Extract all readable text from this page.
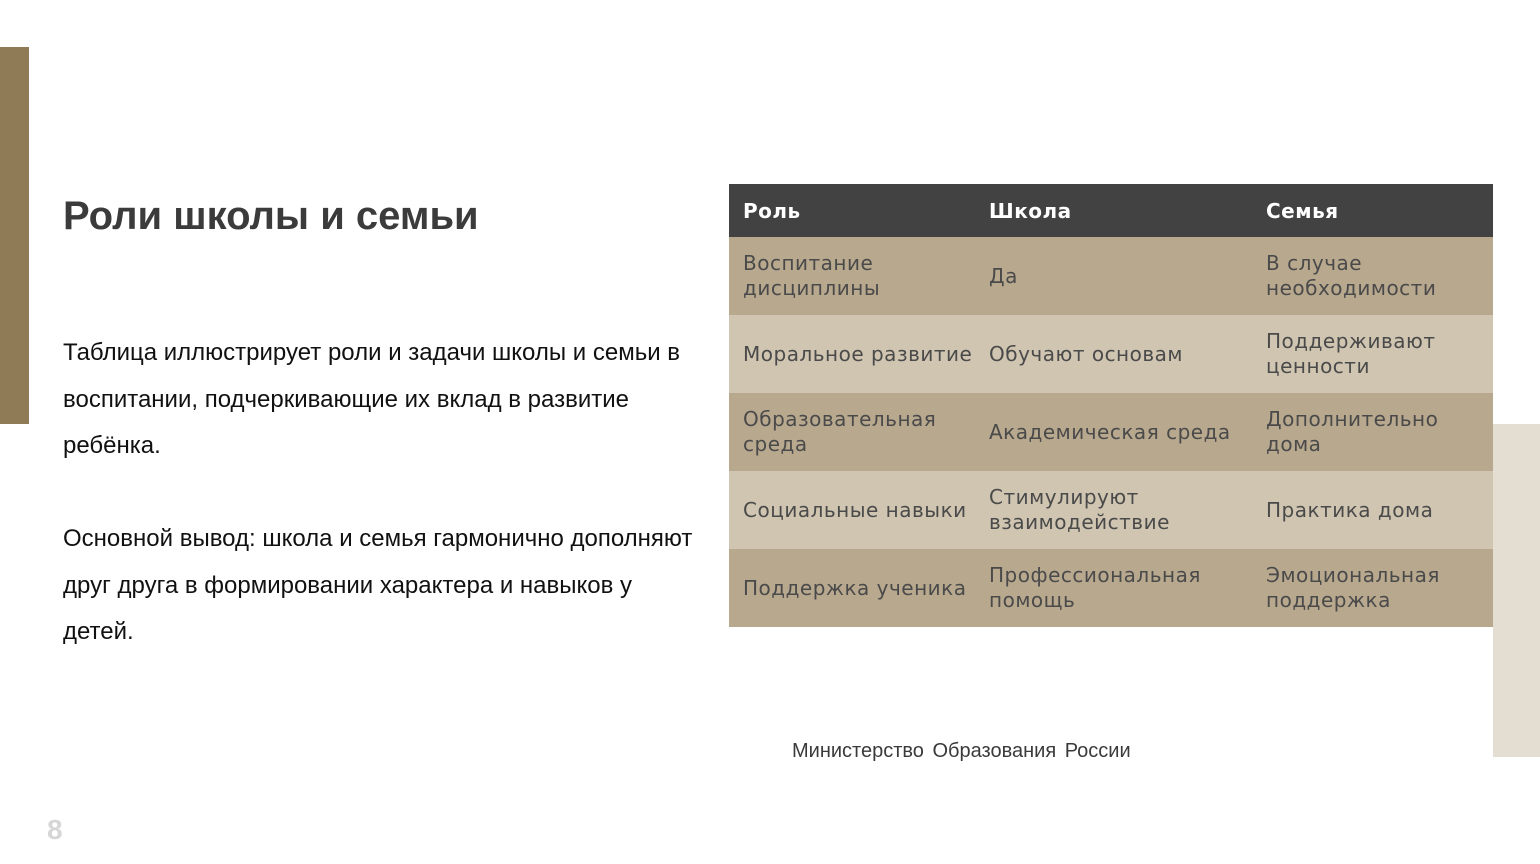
Роли школы и семьи

Таблица иллюстрирует роли и задачи школы и семьи в воспитании, подчеркивающие их вклад в развитие ребёнка.

Основной вывод: школа и семья гармонично дополняют друг друга в формировании характера и навыков у детей.

Роль	Школа	Семья
Воспитание дисциплины	Да	В случае необходимости
Моральное развитие	Обучают основам	Поддерживают ценности
Образовательная среда	Академическая среда	Дополнительно дома
Социальные навыки	Стимулируют взаимодействие	Практика дома
Поддержка ученика	Профессиональная помощь	Эмоциональная поддержка
Министерство Образования России
8
